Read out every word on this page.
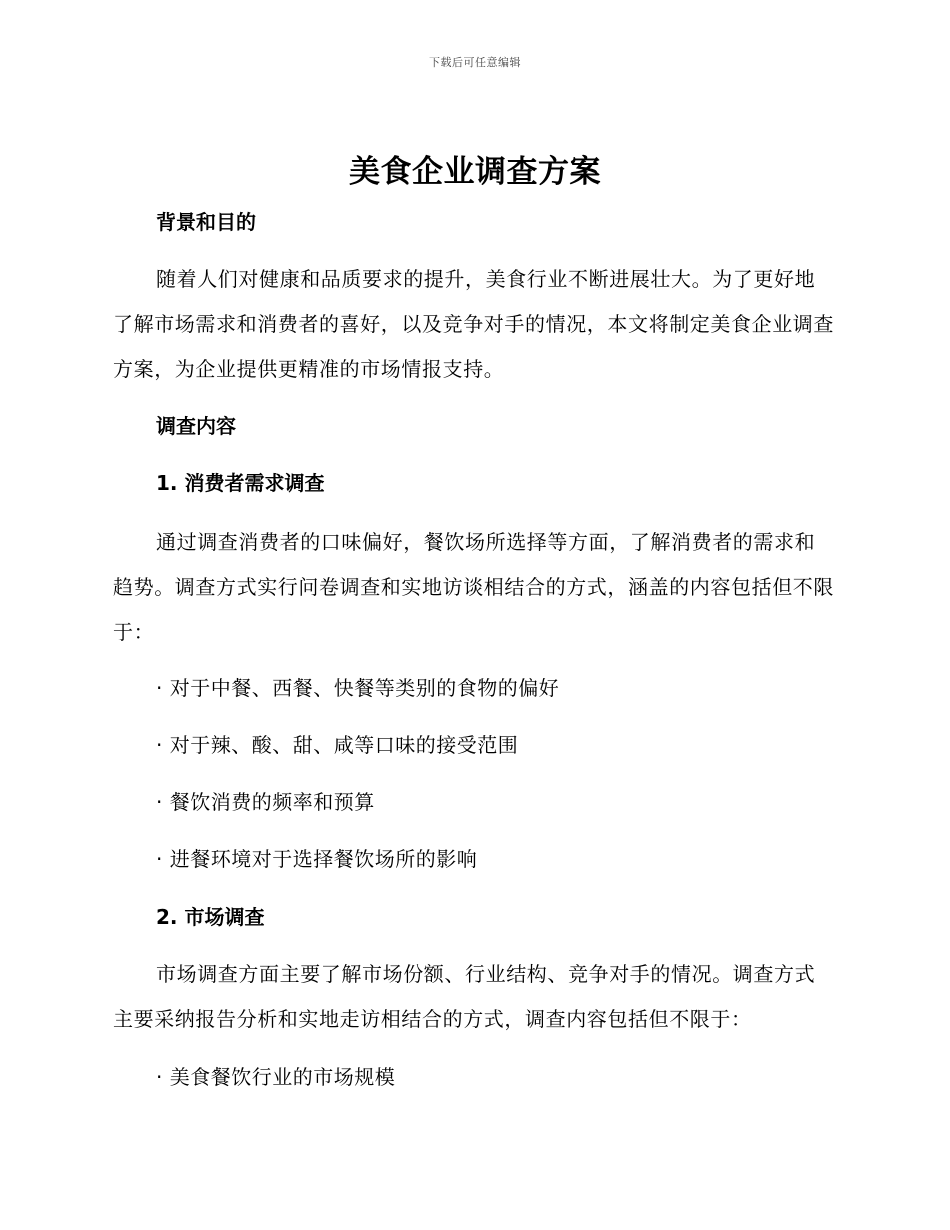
下载后可任意编辑
美食企业调查方案
背景和目的
随着人们对健康和品质要求的提升，美食行业不断进展壮大。为了更好地了解市场需求和消费者的喜好，以及竞争对手的情况，本文将制定美食企业调查方案，为企业提供更精准的市场情报支持。
调查内容
1. 消费者需求调查
通过调查消费者的口味偏好，餐饮场所选择等方面，了解消费者的需求和趋势。调查方式实行问卷调查和实地访谈相结合的方式，涵盖的内容包括但不限于：
· 对于中餐、西餐、快餐等类别的食物的偏好
· 对于辣、酸、甜、咸等口味的接受范围
· 餐饮消费的频率和预算
· 进餐环境对于选择餐饮场所的影响
2. 市场调查
市场调查方面主要了解市场份额、行业结构、竞争对手的情况。调查方式主要采纳报告分析和实地走访相结合的方式，调查内容包括但不限于：
· 美食餐饮行业的市场规模
